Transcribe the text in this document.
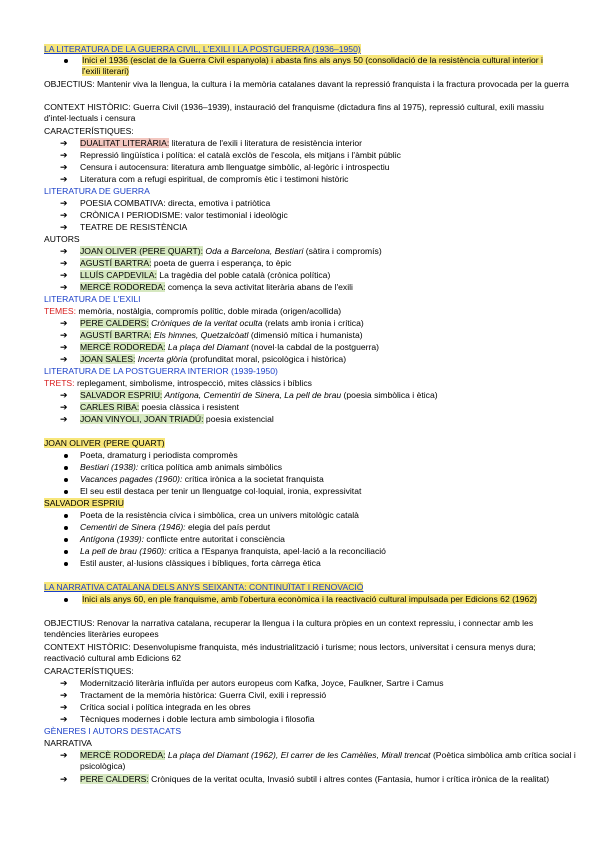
LA LITERATURA DE LA GUERRA CIVIL, L'EXILI I LA POSTGUERRA (1936–1950)
Inici el 1936 (esclat de la Guerra Civil espanyola) i abasta fins als anys 50 (consolidació de la resistència cultural interior i l'exili literari)
OBJECTIUS: Mantenir viva la llengua, la cultura i la memòria catalanes davant la repressió franquista i la fractura provocada per la guerra
CONTEXT HISTÒRIC: Guerra Civil (1936–1939), instauració del franquisme (dictadura fins al 1975), repressió cultural, exili massiu d'intel·lectuals i censura
CARACTERÍSTIQUES:
➔ DUALITAT LITERÀRIA: literatura de l'exili i literatura de resistència interior
➔ Repressió lingüística i política: el català exclòs de l'escola, els mitjans i l'àmbit públic
➔ Censura i autocensura: literatura amb llenguatge simbòlic, al·legòric i introspectiu
➔ Literatura com a refugi espiritual, de compromís ètic i testimoni històric
LITERATURA DE GUERRA
➔ POESIA COMBATIVA: directa, emotiva i patriòtica
➔ CRÒNICA I PERIODISME: valor testimonial i ideològic
➔ TEATRE DE RESISTÈNCIA
AUTORS
➔ JOAN OLIVER (PERE QUART): Oda a Barcelona, Bestiari (sàtira i compromís)
➔ AGUSTÍ BARTRA: poeta de guerra i esperança, to èpic
➔ LLUÍS CAPDEVILA: La tragèdia del poble català (crònica política)
➔ MERCÈ RODOREDA: comença la seva activitat literària abans de l'exili
LITERATURA DE L'EXILI
TEMES: memòria, nostàlgia, compromís polític, doble mirada (origen/acollida)
➔ PERE CALDERS: Cròniques de la veritat oculta (relats amb ironia i crítica)
➔ AGUSTÍ BARTRA: Els himnes, Quetzalcòatl (dimensió mítica i humanista)
➔ MERCÈ RODOREDA: La plaça del Diamant (novel·la cabdal de la postguerra)
➔ JOAN SALES: Incerta glòria (profunditat moral, psicològica i històrica)
LITERATURA DE LA POSTGUERRA INTERIOR (1939-1950)
TRETS: replegament, simbolisme, introspecció, mites clàssics i bíblics
➔ SALVADOR ESPRIU: Antígona, Cementiri de Sinera, La pell de brau (poesia simbòlica i ètica)
➔ CARLES RIBA: poesia clàssica i resistent
➔ JOAN VINYOLI, JOAN TRIADÚ: poesia existencial
JOAN OLIVER (PERE QUART)
Poeta, dramaturg i periodista compromès
Bestiari (1938): crítica política amb animals simbòlics
Vacances pagades (1960): crítica irònica a la societat franquista
El seu estil destaca per tenir un llenguatge col·loquial, ironia, expressivitat
SALVADOR ESPRIU
Poeta de la resistència cívica i simbòlica, crea un univers mitològic català
Cementiri de Sinera (1946): elegia del país perdut
Antígona (1939): conflicte entre autoritat i consciència
La pell de brau (1960): crítica a l'Espanya franquista, apel·lació a la reconciliació
Estil auster, al·lusions clàssiques i bíbliques, forta càrrega ètica
LA NARRATIVA CATALANA DELS ANYS SEIXANTA: CONTINUÏTAT I RENOVACIÓ
Inici als anys 60, en ple franquisme, amb l'obertura econòmica i la reactivació cultural impulsada per Edicions 62 (1962)
OBJECTIUS: Renovar la narrativa catalana, recuperar la llengua i la cultura pròpies en un context repressiu, i connectar amb les tendències literàries europees
CONTEXT HISTÒRIC: Desenvolupisme franquista, més industrialització i turisme; nous lectors, universitat i censura menys dura; reactivació cultural amb Edicions 62
CARACTERÍSTIQUES:
➔ Modernització literària influïda per autors europeus com Kafka, Joyce, Faulkner, Sartre i Camus
➔ Tractament de la memòria històrica: Guerra Civil, exili i repressió
➔ Crítica social i política integrada en les obres
➔ Tècniques modernes i doble lectura amb simbologia i filosofia
GÈNERES I AUTORS DESTACATS
NARRATIVA
➔ MERCÈ RODOREDA: La plaça del Diamant (1962), El carrer de les Camèlies, Mirall trencat (Poètica simbòlica amb crítica social i psicològica)
➔ PERE CALDERS: Cròniques de la veritat oculta, Invasió subtil i altres contes (Fantasia, humor i crítica irònica de la realitat)
